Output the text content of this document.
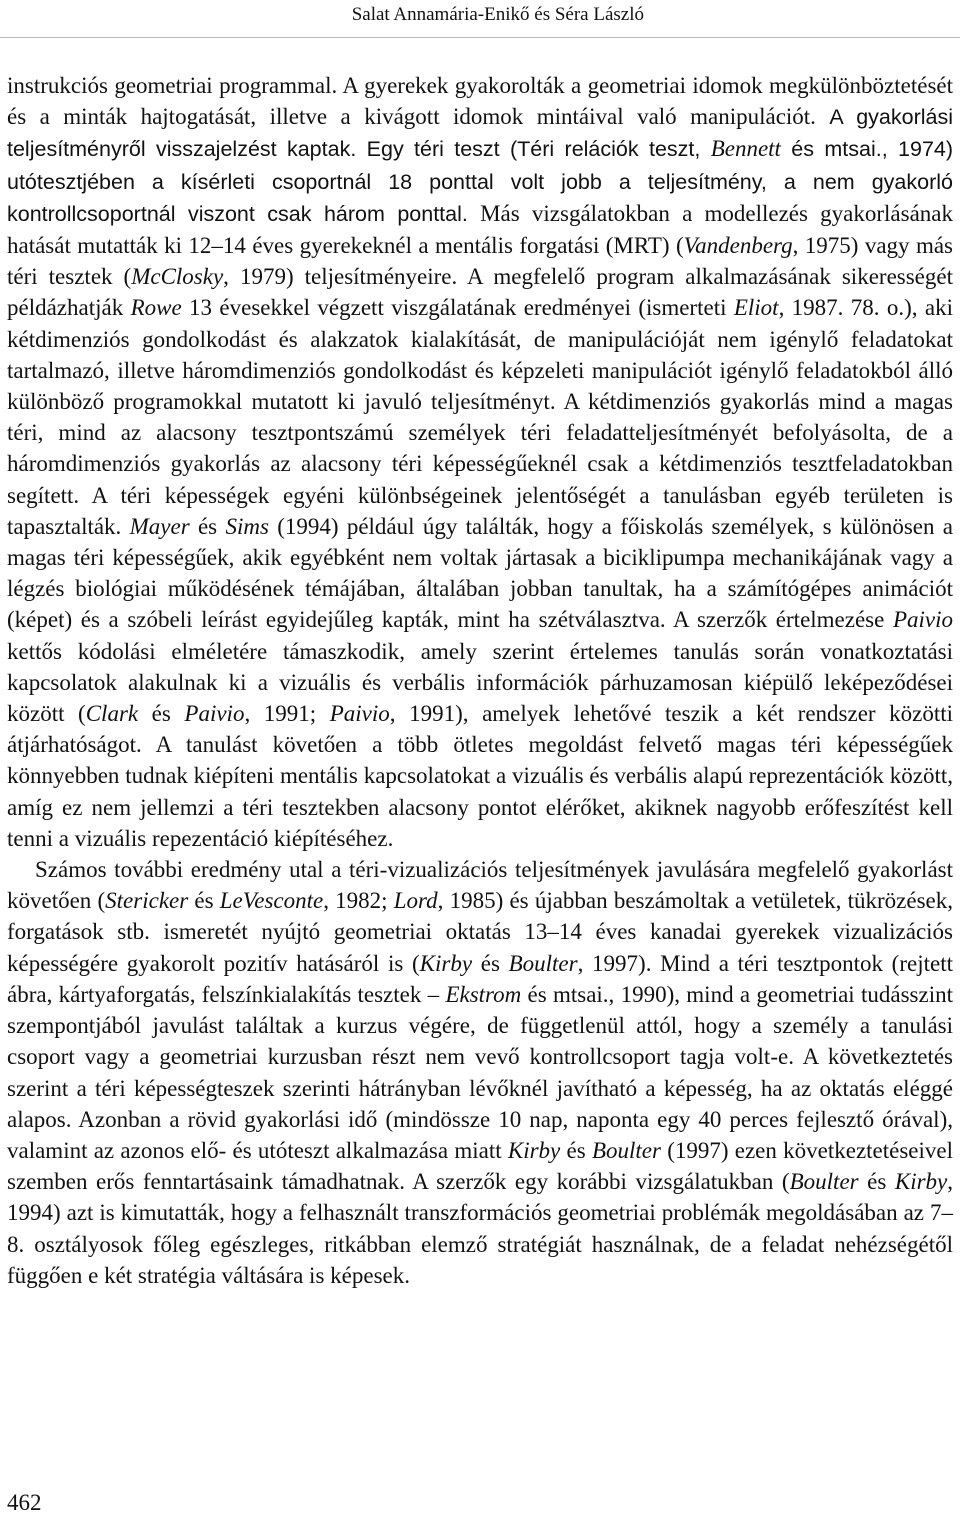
Salat Annamária-Enikő és Séra László

instrukciós geometriai programmal. A gyerekek gyakorolták a geometriai idomok megkülönböztetését és a minták hajtogatását, illetve a kivágott idomok mintáival való manipulációt. A gyakorlási teljesítményről visszajelzést kaptak. Egy téri teszt (Téri relációk teszt, Bennett és mtsai., 1974) utótesztjében a kísérleti csoportnál 18 ponttal volt jobb a teljesítmény, a nem gyakorló kontrollcsoportnál viszont csak három ponttal. Más vizsgálatokban a modellezés gyakorlásának hatását mutatták ki 12–14 éves gyerekeknél a mentális forgatási (MRT) (Vandenberg, 1975) vagy más téri tesztek (McClosky, 1979) teljesítményeire. A megfelelő program alkalmazásának sikerességét példázhatják Rowe 13 évesekkel végzett viszgálatának eredményei (ismerteti Eliot, 1987. 78. o.), aki kétdimenziós gondolkodást és alakzatok kialakítását, de manipulációját nem igénylő feladatokat tartalmazó, illetve háromdimenziós gondolkodást és képzeleti manipulációt igénylő feladatokból álló különböző programokkal mutatott ki javuló teljesítményt. A kétdimenziós gyakorlás mind a magas téri, mind az alacsony tesztpontszámú személyek téri feladatteljesítményét befolyásolta, de a háromdimenziós gyakorlás az alacsony téri képességűeknél csak a kétdimenziós tesztfeladatokban segített. A téri képességek egyéni különbségeinek jelentőségét a tanulásban egyéb területen is tapasztalták. Mayer és Sims (1994) például úgy találták, hogy a főiskolás személyek, s különösen a magas téri képességűek, akik egyébként nem voltak jártasak a biciklipumpa mechanikájának vagy a légzés biológiai működésének témájában, általában jobban tanultak, ha a számítógépes animációt (képet) és a szóbeli leírást egyidejűleg kapták, mint ha szétválasztva. A szerzők értelmezése Paivio kettős kódolási elméletére támaszkodik, amely szerint értelemes tanulás során vonatkoztatási kapcsolatok alakulnak ki a vizuális és verbális információk párhuzamosan kiépülő leképeződései között (Clark és Paivio, 1991; Paivio, 1991), amelyek lehetővé teszik a két rendszer közötti átjárhatóságot. A tanulást követően a több ötletes megoldást felvető magas téri képességűek könnyebben tudnak kiépíteni mentális kapcsolatokat a vizuális és verbális alapú reprezentációk között, amíg ez nem jellemzi a téri tesztekben alacsony pontot elérőket, akiknek nagyobb erőfeszítést kell tenni a vizuális repezentáció kiépítéséhez.

Számos további eredmény utal a téri-vizualizációs teljesítmények javulására megfelelő gyakorlást követően (Stericker és LeVesconte, 1982; Lord, 1985) és újabban beszámoltak a vetületek, tükrözések, forgatások stb. ismeretét nyújtó geometriai oktatás 13–14 éves kanadai gyerekek vizualizációs képességére gyakorolt pozitív hatásáról is (Kirby és Boulter, 1997). Mind a téri tesztpontok (rejtett ábra, kártyaforgatás, felszínkialakítás tesztek – Ekstrom és mtsai., 1990), mind a geometriai tudásszint szempontjából javulást találtak a kurzus végére, de függetlenül attól, hogy a személy a tanulási csoport vagy a geometriai kurzusban részt nem vevő kontrollcsoport tagja volt-e. A következtetés szerint a téri képességteszek szerinti hátrányban lévőknél javítható a képesség, ha az oktatás eléggé alapos. Azonban a rövid gyakorlási idő (mindössze 10 nap, naponta egy 40 perces fejlesztő órával), valamint az azonos elő- és utóteszt alkalmazása miatt Kirby és Boulter (1997) ezen következtetéseivel szemben erős fenntartásaink támadhatnak. A szerzők egy korábbi vizsgálatukban (Boulter és Kirby, 1994) azt is kimutatták, hogy a felhasznált transzformációs geometriai problémák megoldásában az 7–8. osztályosok főleg egészleges, ritkábban elemző stratégiát használnak, de a feladat nehézségétől függően e két stratégia váltására is képesek.

462
